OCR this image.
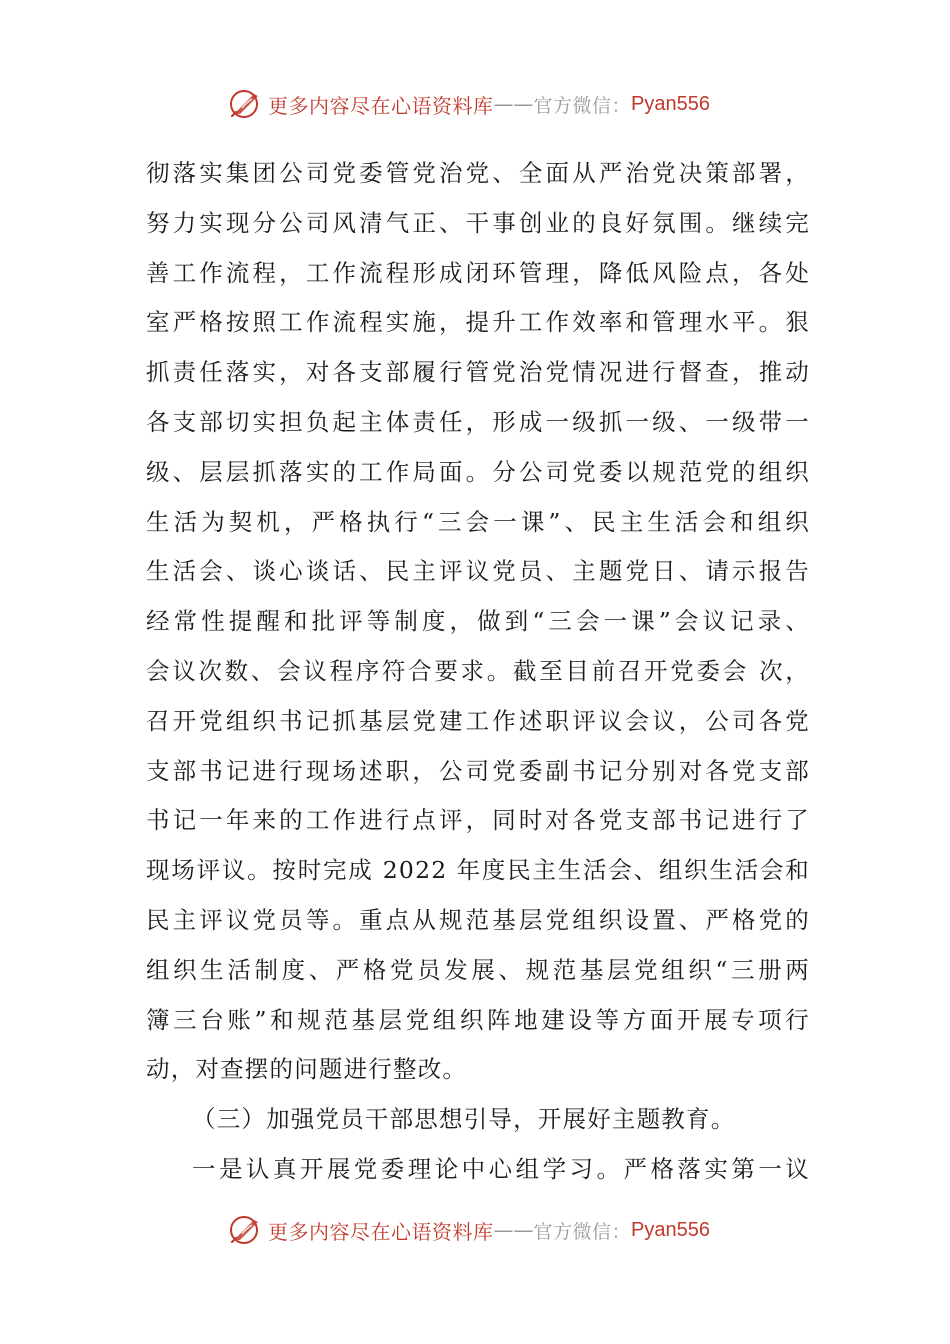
更多内容尽在心语资料库 —— 官方微信： Pyan556
彻落实集团公司党委管党治党、全面从严治党决策部署，
努力实现分公司风清气正、干事创业的良好氛围。继续完
善工作流程，工作流程形成闭环管理，降低风险点，各处
室严格按照工作流程实施，提升工作效率和管理水平。狠
抓责任落实，对各支部履行管党治党情况进行督查，推动
各支部切实担负起主体责任，形成一级抓一级、一级带一
级、层层抓落实的工作局面。分公司党委以规范党的组织
生活为契机，严格执行“三会一课”、民主生活会和组织
生活会、谈心谈话、民主评议党员、主题党日、请示报告
经常性提醒和批评等制度，做到“三会一课”会议记录、
会议次数、会议程序符合要求。截至目前召开党委会 次，
召开党组织书记抓基层党建工作述职评议会议，公司各党
支部书记进行现场述职，公司党委副书记分别对各党支部
书记一年来的工作进行点评，同时对各党支部书记进行了
现场评议。按时完成 2022 年度民主生活会、组织生活会和
民主评议党员等。重点从规范基层党组织设置、严格党的
组织生活制度、严格党员发展、规范基层党组织“三册两
簿三台账”和规范基层党组织阵地建设等方面开展专项行
动，对查摆的问题进行整改。
（三）加强党员干部思想引导，开展好主题教育。
一是认真开展党委理论中心组学习。严格落实第一议
更多内容尽在心语资料库 —— 官方微信： Pyan556
